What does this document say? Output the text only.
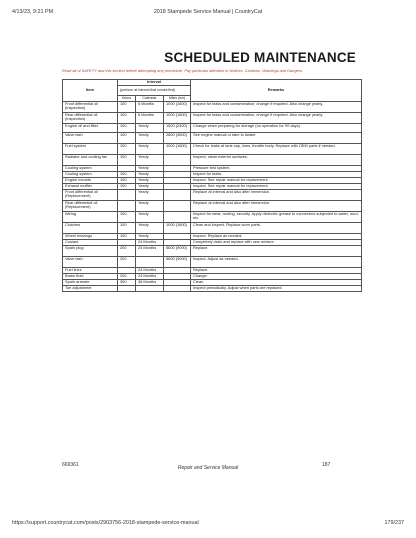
4/13/23, 9:21 PM	2018 Stampede Service Manual | CountryCat
SCHEDULED MAINTENANCE
Read all of SAFETY and this section before attempting any procedure. Pay particular attention to Notices, Cautions, Warnings and Dangers.
Item	Interval			Remarks

	(perform at interval that comes first)			

	Hours	Calendar	Miles (km)	
Front differential oil (Inspection)	100	6 Months	1000 (1600)	Inspect for leaks and contamination; change if required. Also change yearly.
Rear differential oil (Inspection)	100	6 Months	1000 (1600)	Inspect for leaks and contamination; change if required. Also change yearly.
Engine oil and filter	100	Yearly	1500 (2400)	Change when preparing for storage (no operation for 90 days).
Valve lash	100	Yearly	2800 (4500)	See engine manual or take to dealer.
Fuel system	100	Yearly	1000 (1600)	Check for leaks at tank cap, lines, throttle body. Replace with OEM parts if needed.
Radiator and cooling fan	100	Yearly		Inspect; clean exterior surfaces.
Cooling system		Yearly		Pressure test system.
Cooling system	100	Yearly		Inspect for leaks.
Engine mounts	100	Yearly		Inspect. See repair manual for replacement.
Exhaust muffler	100	Yearly		Inspect. See repair manual for replacement.
Front differential oil (Replacement)		Yearly		Replace at interval and also after immersion.
Rear differential oil (Replacement)		Yearly		Replace at interval and also after immersion.
Wiring	100	Yearly		Inspect for wear, routing, security. Apply dielectric grease to connectors subjected to water, mud, etc.
Clutches	100	Yearly	1000 (1600)	Clean and inspect. Replace worn parts.
Wheel bearings	100	Yearly		Inspect. Replace as needed.
Coolant		24 Months		Completely drain and replace with new mixture.
Spark plug	200	24 Months	5600 (9000)	Replace.
Valve lash	200		5600 (9000)	Inspect. Adjust as needed.
Fuel lines		24 Months		Replace.
Brake fluid	200	24 Months		Change.
Spark arrester	300	36 Months		Clean.
Toe adjustment				Inspect periodically. Adjust when parts are replaced.
669361	Repair and Service Manual	187
https://support.countrycat.com/posts/2903756-2018-stampede-service-manual	179/237
